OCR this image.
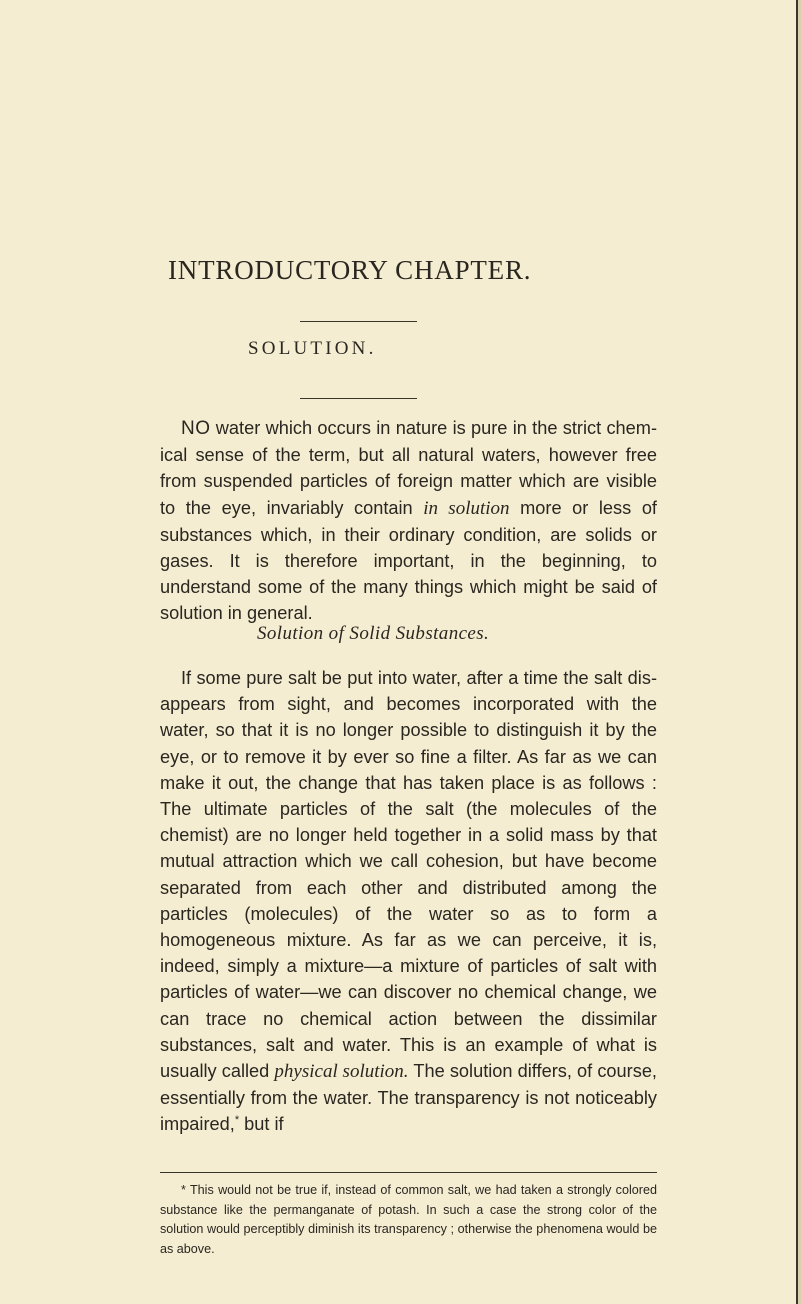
INTRODUCTORY CHAPTER.
SOLUTION.

NO water which occurs in nature is pure in the strict chemical sense of the term, but all natural waters, however free from suspended particles of foreign matter which are visible to the eye, invariably contain in solution more or less of substances which, in their ordinary condition, are solids or gases. It is therefore important, in the beginning, to understand some of the many things which might be said of solution in general.

Solution of Solid Substances.

If some pure salt be put into water, after a time the salt disappears from sight, and becomes incorporated with the water, so that it is no longer possible to distinguish it by the eye, or to remove it by ever so fine a filter. As far as we can make it out, the change that has taken place is as follows : The ultimate particles of the salt (the molecules of the chemist) are no longer held together in a solid mass by that mutual attraction which we call cohesion, but have become separated from each other and distributed among the particles (molecules) of the water so as to form a homogeneous mixture. As far as we can perceive, it is, indeed, simply a mixture—a mixture of particles of salt with particles of water—we can discover no chemical change, we can trace no chemical action between the dissimilar substances, salt and water. This is an example of what is usually called physical solution. The solution differs, of course, essentially from the water. The transparency is not noticeably impaired,* but if

* This would not be true if, instead of common salt, we had taken a strongly colored substance like the permanganate of potash. In such a case the strong color of the solution would perceptibly diminish its transparency ; otherwise the phenomena would be as above.
